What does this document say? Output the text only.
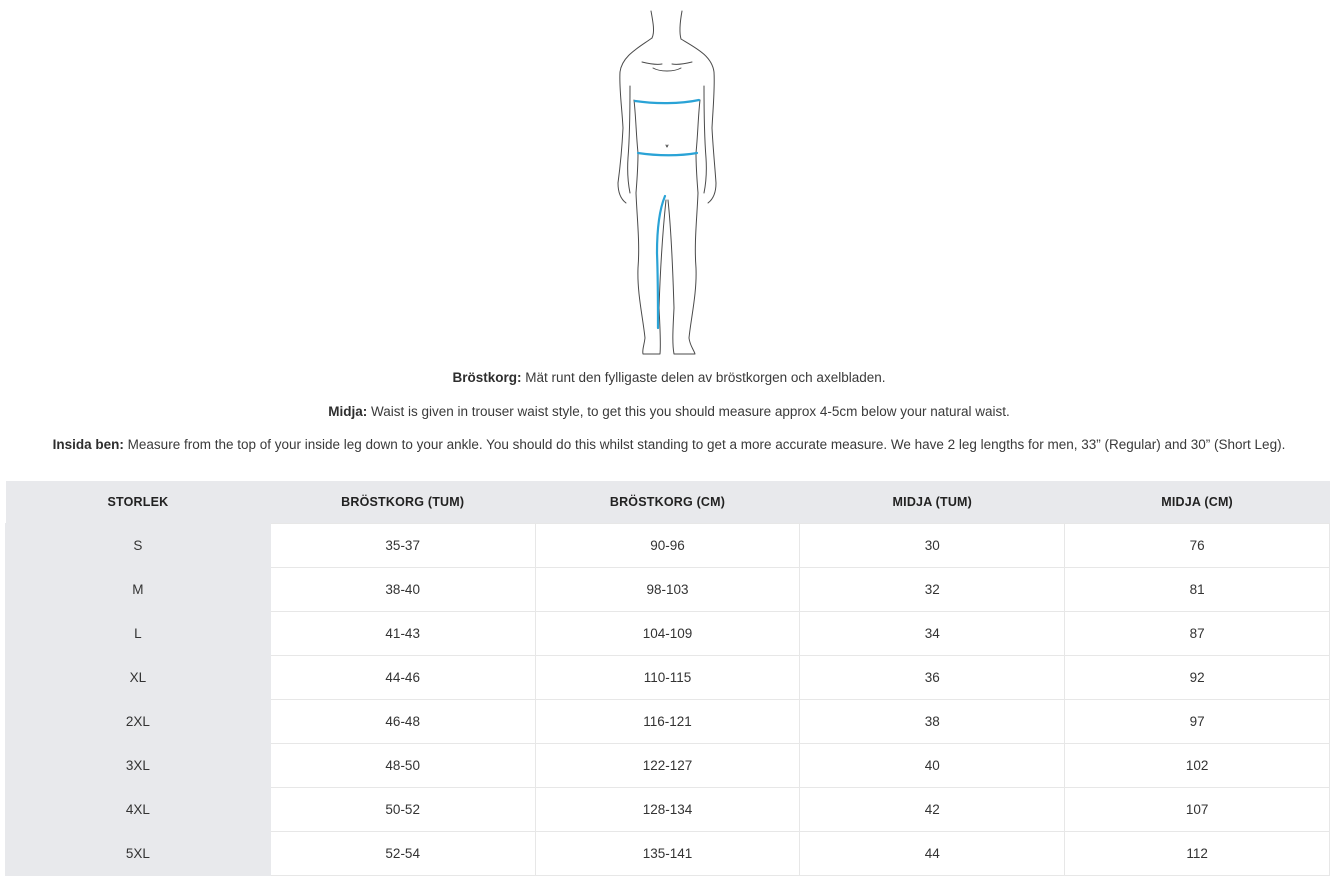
Bröstkorg: Mät runt den fylligaste delen av bröstkorgen och axelbladen.

Midja: Waist is given in trouser waist style, to get this you should measure approx 4-5cm below your natural waist.

Insida ben: Measure from the top of your inside leg down to your ankle. You should do this whilst standing to get a more accurate measure. We have 2 leg lengths for men, 33” (Regular) and 30” (Short Leg).

STORLEK	BRÖSTKORG (TUM)	BRÖSTKORG (CM)	MIDJA (TUM)	MIDJA (CM)
S	35-37	90-96	30	76
M	38-40	98-103	32	81
L	41-43	104-109	34	87
XL	44-46	110-115	36	92
2XL	46-48	116-121	38	97
3XL	48-50	122-127	40	102
4XL	50-52	128-134	42	107
5XL	52-54	135-141	44	112
